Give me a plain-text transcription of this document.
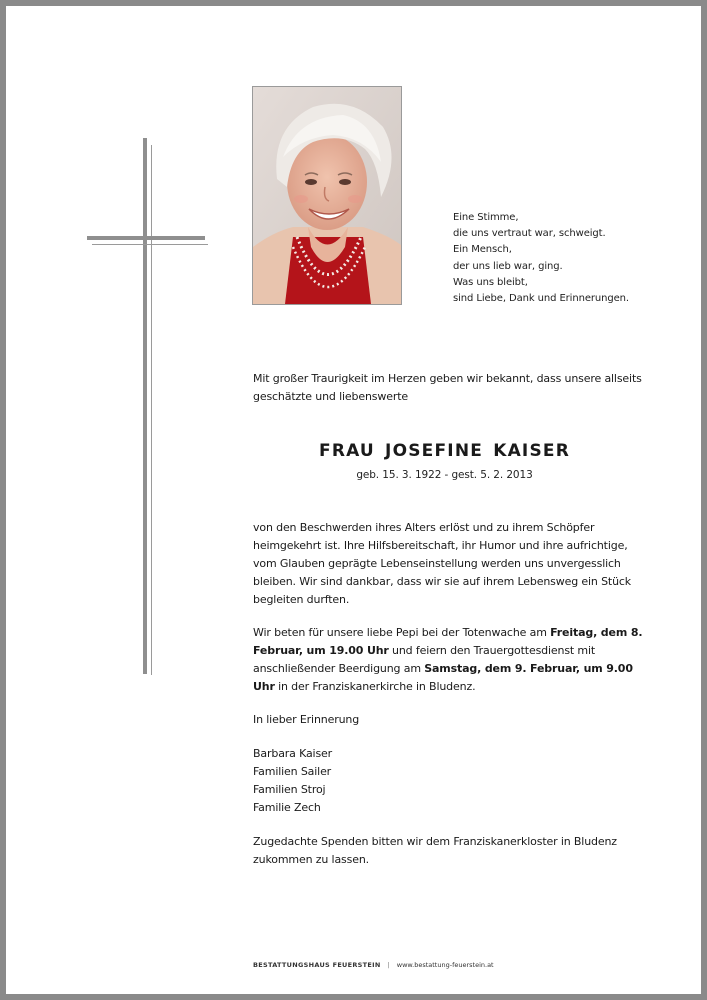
Eine Stimme,
die uns vertraut war, schweigt.
Ein Mensch,
der uns lieb war, ging.
Was uns bleibt,
sind Liebe, Dank und Erinnerungen.
Mit großer Traurigkeit im Herzen geben wir bekannt, dass unsere allseits geschätzte und liebenswerte
FRAU JOSEFINE KAISER
geb. 15. 3. 1922 - gest. 5. 2. 2013

von den Beschwerden ihres Alters erlöst und zu ihrem Schöpfer heimgekehrt ist. Ihre Hilfsbereitschaft, ihr Humor und ihre aufrichtige, vom Glauben geprägte Lebenseinstellung werden uns unvergesslich bleiben. Wir sind dankbar, dass wir sie auf ihrem Lebensweg ein Stück begleiten durften.

Wir beten für unsere liebe Pepi bei der Totenwache am Freitag, dem 8. Februar, um 19.00 Uhr und feiern den Trauergottesdienst mit anschließender Beerdigung am Samstag, dem 9. Februar, um 9.00 Uhr in der Franziskanerkirche in Bludenz.

In lieber Erinnerung
Barbara Kaiser
Familien Sailer
Familien Stroj
Familie Zech
Zugedachte Spenden bitten wir dem Franziskanerkloster in Bludenz zukommen zu lassen.
BESTATTUNGSHAUS FEUERSTEIN | www.bestattung-feuerstein.at
